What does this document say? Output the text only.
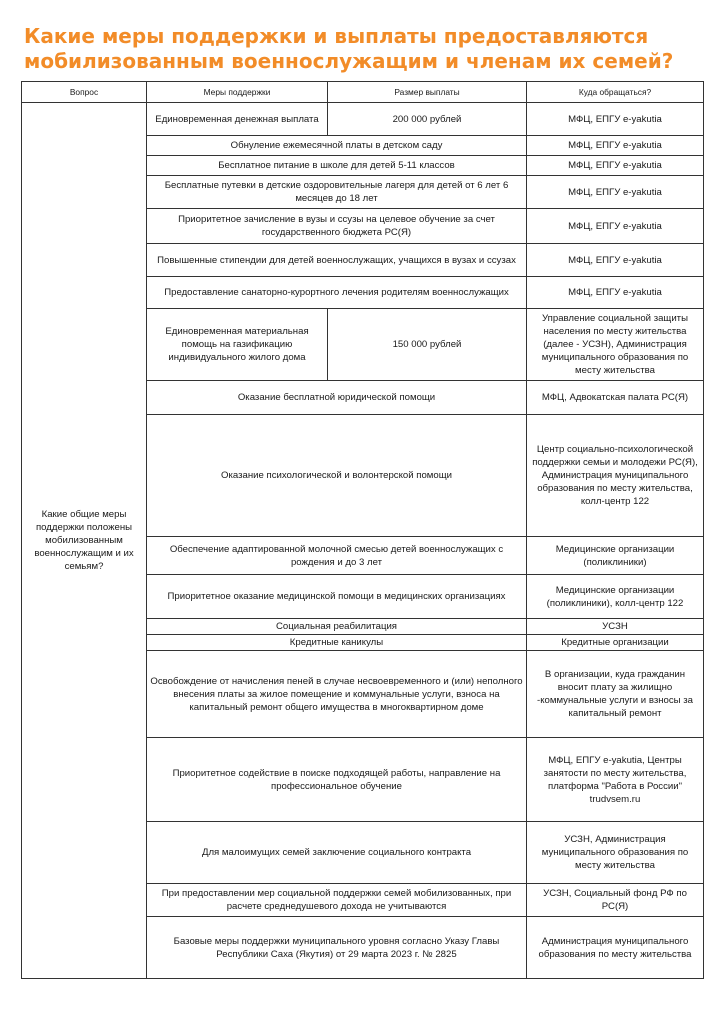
Какие меры поддержки и выплаты предоставляются
мобилизованным военнослужащим и членам их семей?
Вопрос	Меры поддержки	Размер выплаты	Куда обращаться?
Какие общие меры поддержки положены мобилизованным военнослужащим и их семьям?	Единовременная денежная выплата	200 000 рублей	МФЦ, ЕПГУ e-yakutia
	Обнуление ежемесячной платы в детском саду		МФЦ, ЕПГУ e-yakutia
	Бесплатное питание в школе для детей 5-11 классов		МФЦ, ЕПГУ e-yakutia
	Бесплатные путевки в детские оздоровительные лагеря для детей от 6 лет 6 месяцев до 18 лет		МФЦ, ЕПГУ e-yakutia
	Приоритетное зачисление в вузы и ссузы на целевое обучение за счет государственного бюджета РС(Я)		МФЦ, ЕПГУ e-yakutia
	Повышенные стипендии для детей военнослужащих, учащихся в вузах и ссузах		МФЦ, ЕПГУ e-yakutia
	Предоставление санаторно-курортного лечения родителям военнослужащих		МФЦ, ЕПГУ e-yakutia
	Единовременная материальная помощь на газификацию индивидуального жилого дома	150 000 рублей	Управление социальной защиты населения по месту жительства (далее - УСЗН), Администрация муниципального образования по месту жительства
	Оказание бесплатной юридической помощи		МФЦ, Адвокатская палата РС(Я)
	Оказание психологической и волонтерской помощи		Центр социально-психологической поддержки семьи и молодежи РС(Я), Администрация муниципального образования по месту жительства, колл-центр 122
	Обеспечение адаптированной молочной смесью детей военнослужащих с рождения и до 3 лет		Медицинские организации (поликлиники)
	Приоритетное оказание медицинской помощи в медицинских организациях		Медицинские организации (поликлиники), колл-центр 122
	Социальная реабилитация		УСЗН
	Кредитные каникулы		Кредитные организации
	Освобождение от начисления пеней в случае несвоевременного и (или) неполного внесения платы за жилое помещение и коммунальные услуги, взноса на капитальный ремонт общего имущества в многоквартирном доме		В организации, куда гражданин вносит плату за жилищно -коммунальные услуги и взносы за капитальный ремонт
	Приоритетное содействие в поиске подходящей работы, направление на профессиональное обучение		МФЦ, ЕПГУ e-yakutia, Центры занятости по месту жительства, платформа "Работа в России" trudvsem.ru
	Для малоимущих семей заключение социального контракта		УСЗН, Администрация муниципального образования по месту жительства
	При предоставлении мер социальной поддержки семей мобилизованных, при расчете среднедушевого дохода не учитываются		УСЗН, Социальный фонд РФ по РС(Я)
	Базовые меры поддержки муниципального уровня согласно Указу Главы Республики Саха (Якутия) от 29 марта 2023 г. № 2825		Администрация муниципального образования по месту жительства
